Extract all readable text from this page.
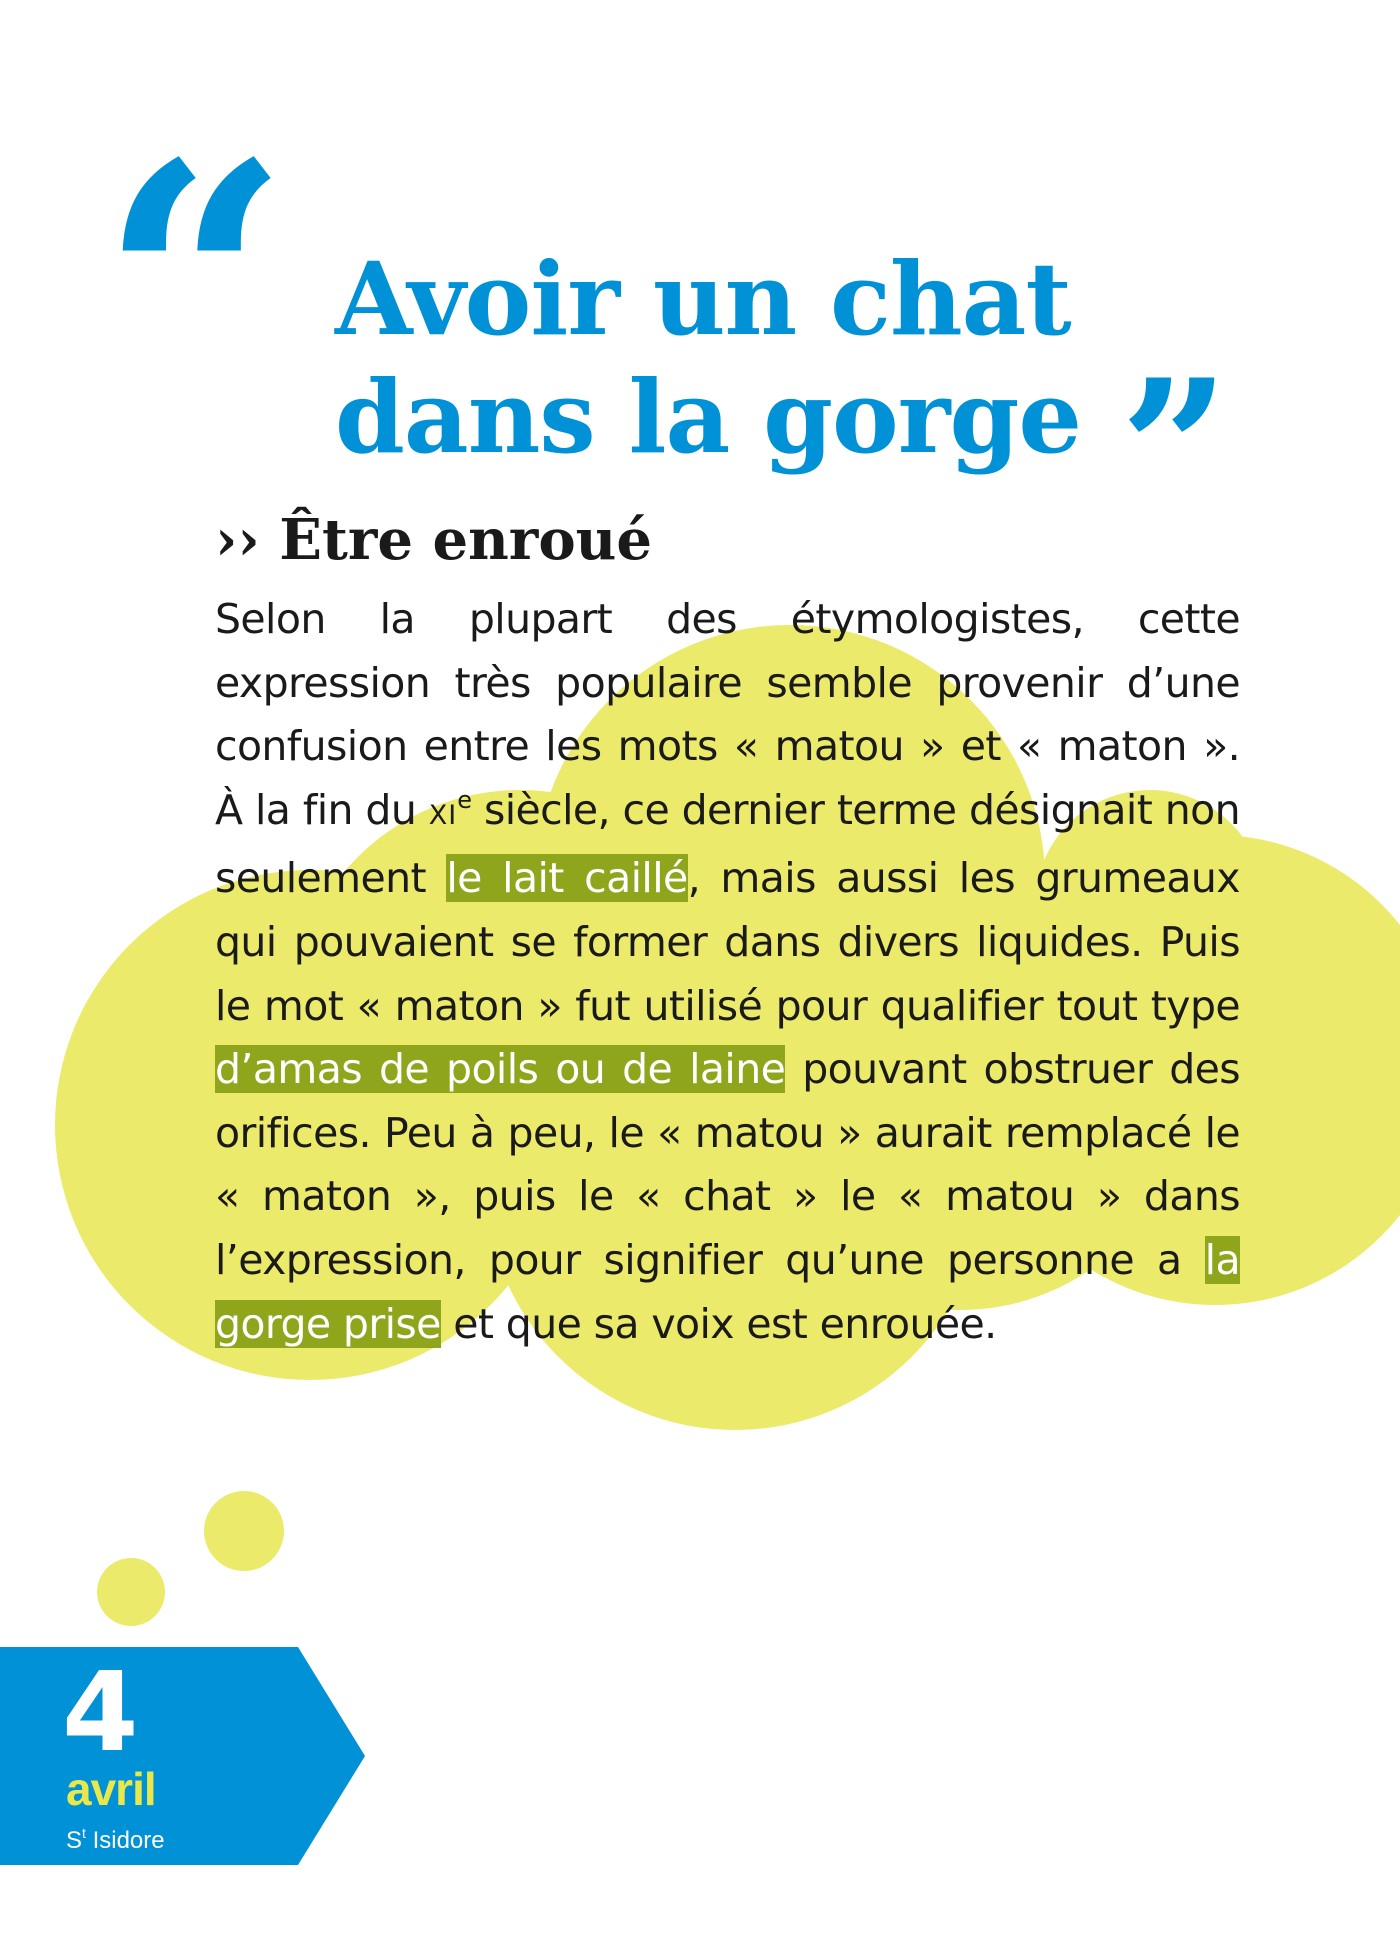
“ Avoir un chat
dans la gorge ”
›› Être enroué

Selon la plupart des étymologistes, cette expression très populaire semble provenir d’une confusion entre les mots « matou » et « maton ». À la fin du XIe siècle, ce dernier terme désignait non seulement le lait caillé, mais aussi les grumeaux qui pouvaient se former dans divers liquides. Puis le mot « maton » fut utilisé pour qualifier tout type d’amas de poils ou de laine pouvant obstruer des orifices. Peu à peu, le « matou » aurait remplacé le « maton », puis le « chat » le « matou » dans l’expression, pour signifier qu’une personne a la gorge prise et que sa voix est enrouée.

4
avril
$S^t$ Isidore
